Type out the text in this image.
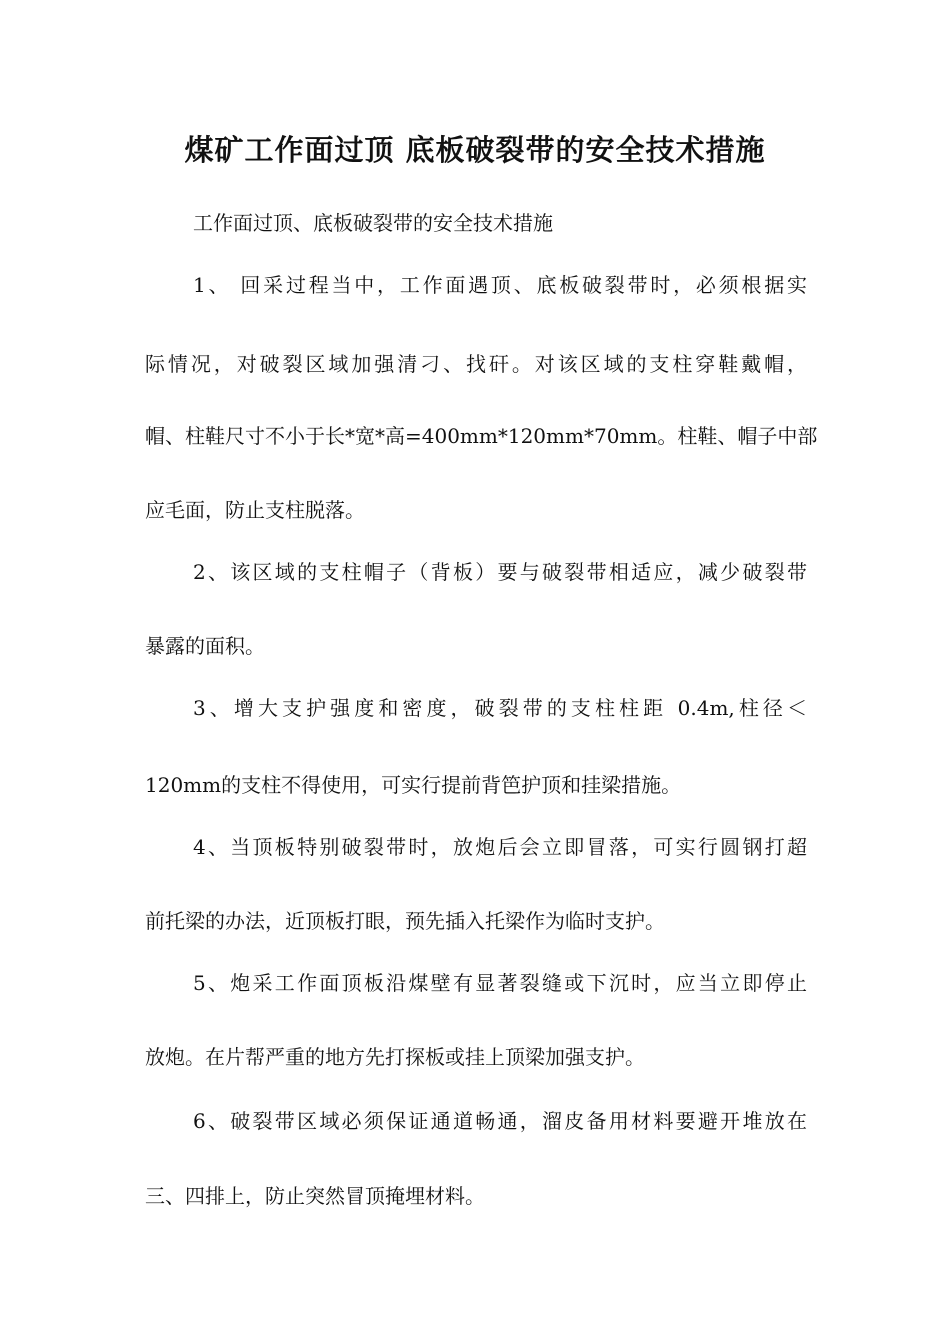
煤矿工作面过顶 底板破裂带的安全技术措施

工作面过顶、底板破裂带的安全技术措施

1、 回采过程当中，工作面遇顶、底板破裂带时，必须根据实

际情况，对破裂区域加强清刁、找矸。对该区域的支柱穿鞋戴帽，

帽、柱鞋尺寸不小于长*宽*高=400mm*120mm*70mm。柱鞋、帽子中部

应毛面，防止支柱脱落。

2、该区域的支柱帽子（背板）要与破裂带相适应，减少破裂带

暴露的面积。

3、增大支护强度和密度，破裂带的支柱柱距 0.4m,柱径＜

120mm的支柱不得使用，可实行提前背笆护顶和挂梁措施。

4、当顶板特别破裂带时，放炮后会立即冒落，可实行圆钢打超

前托梁的办法，近顶板打眼，预先插入托梁作为临时支护。

5、炮采工作面顶板沿煤壁有显著裂缝或下沉时，应当立即停止

放炮。在片帮严重的地方先打探板或挂上顶梁加强支护。

6、破裂带区域必须保证通道畅通，溜皮备用材料要避开堆放在

三、四排上，防止突然冒顶掩埋材料。
